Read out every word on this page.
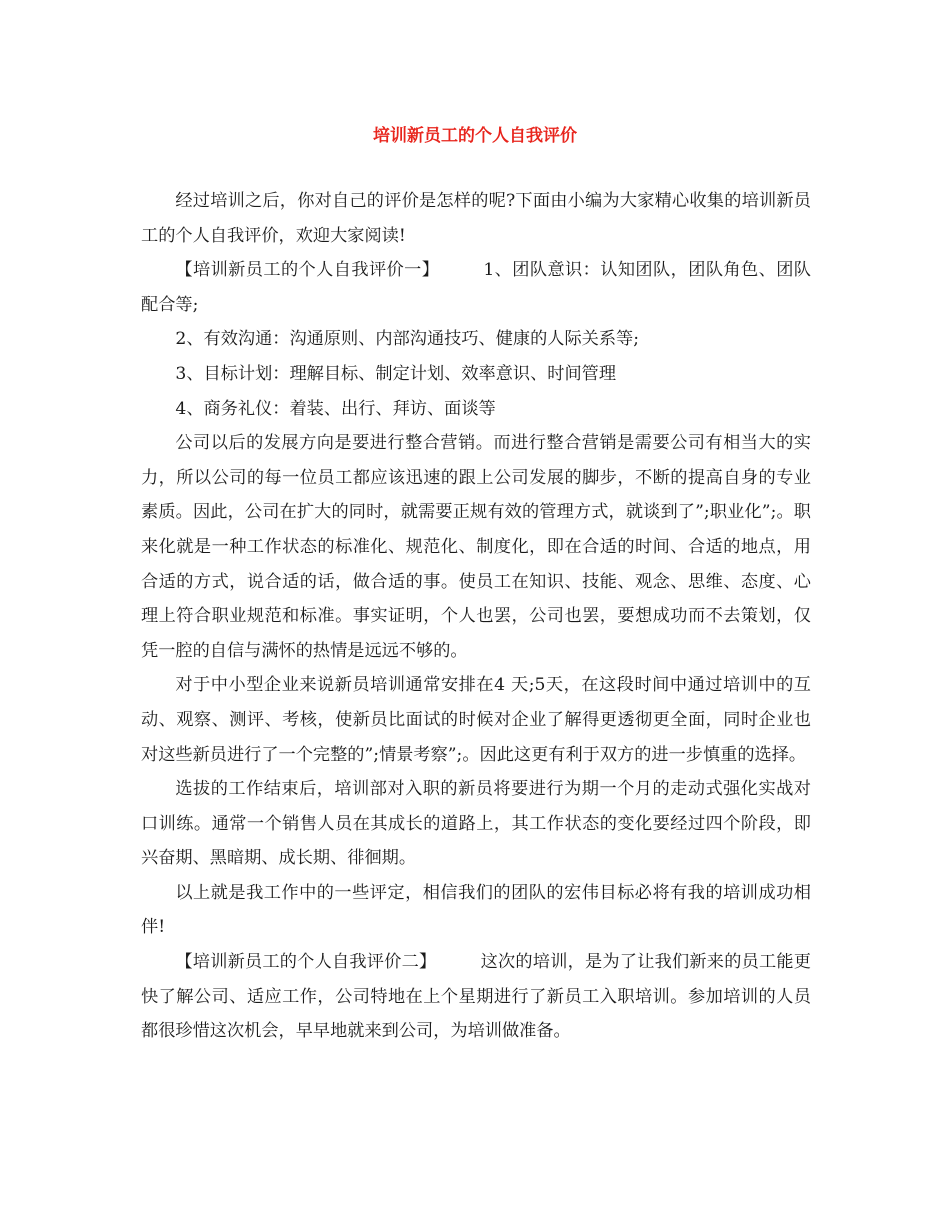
培训新员工的个人自我评价

经过培训之后，你对自己的评价是怎样的呢?下面由小编为大家精心收集的培训新员工的个人自我评价，欢迎大家阅读!

【培训新员工的个人自我评价一】	1、团队意识：认知团队，团队角色、团队配合等;

2、有效沟通：沟通原则、内部沟通技巧、健康的人际关系等;

3、目标计划：理解目标、制定计划、效率意识、时间管理

4、商务礼仪：着装、出行、拜访、面谈等

公司以后的发展方向是要进行整合营销。而进行整合营销是需要公司有相当大的实力，所以公司的每一位员工都应该迅速的跟上公司发展的脚步，不断的提高自身的专业素质。因此，公司在扩大的同时，就需要正规有效的管理方式，就谈到了”;职业化”;。职来化就是一种工作状态的标准化、规范化、制度化，即在合适的时间、合适的地点，用合适的方式，说合适的话，做合适的事。使员工在知识、技能、观念、思维、态度、心理上符合职业规范和标准。事实证明，个人也罢，公司也罢，要想成功而不去策划，仅凭一腔的自信与满怀的热情是远远不够的。

对于中小型企业来说新员培训通常安排在4 天;5天，在这段时间中通过培训中的互动、观察、测评、考核，使新员比面试的时候对企业了解得更透彻更全面，同时企业也对这些新员进行了一个完整的”;情景考察”;。因此这更有利于双方的进一步慎重的选择。

选拔的工作结束后，培训部对入职的新员将要进行为期一个月的走动式强化实战对口训练。通常一个销售人员在其成长的道路上，其工作状态的变化要经过四个阶段，即兴奋期、黑暗期、成长期、徘徊期。

以上就是我工作中的一些评定，相信我们的团队的宏伟目标必将有我的培训成功相伴!

【培训新员工的个人自我评价二】	这次的培训，是为了让我们新来的员工能更快了解公司、适应工作，公司特地在上个星期进行了新员工入职培训。参加培训的人员都很珍惜这次机会，早早地就来到公司，为培训做准备。
